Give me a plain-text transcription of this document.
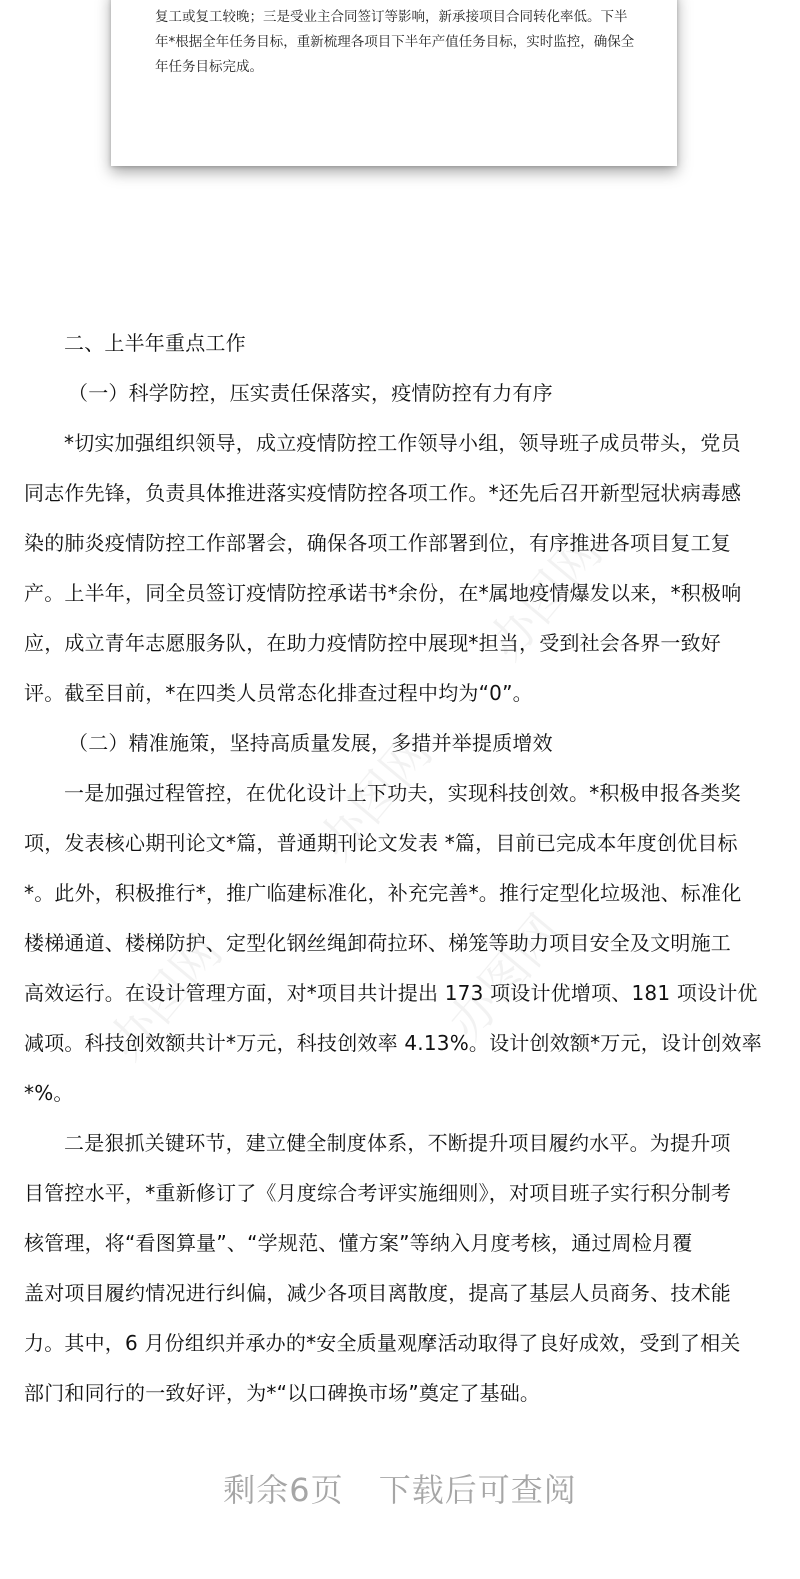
复工或复工较晚；三是受业主合同签订等影响，新承接项目合同转化率低。下半
年*根据全年任务目标，重新梳理各项目下半年产值任务目标，实时监控，确保全
年任务目标完成。
办图网
办图网
办图网
办图网
二、上半年重点工作
（一）科学防控，压实责任保落实，疫情防控有力有序
*切实加强组织领导，成立疫情防控工作领导小组，领导班子成员带头，党员
同志作先锋，负责具体推进落实疫情防控各项工作。*还先后召开新型冠状病毒感
染的肺炎疫情防控工作部署会，确保各项工作部署到位，有序推进各项目复工复
产。上半年，同全员签订疫情防控承诺书*余份，在*属地疫情爆发以来，*积极响
应，成立青年志愿服务队，在助力疫情防控中展现*担当，受到社会各界一致好
评。截至目前，*在四类人员常态化排查过程中均为“0”。
（二）精准施策，坚持高质量发展，多措并举提质增效
一是加强过程管控，在优化设计上下功夫，实现科技创效。*积极申报各类奖
项，发表核心期刊论文*篇，普通期刊论文发表 *篇，目前已完成本年度创优目标
*。此外，积极推行*，推广临建标准化，补充完善*。推行定型化垃圾池、标准化
楼梯通道、楼梯防护、定型化钢丝绳卸荷拉环、梯笼等助力项目安全及文明施工
高效运行。在设计管理方面，对*项目共计提出 173 项设计优增项、181 项设计优
减项。科技创效额共计*万元，科技创效率 4.13%。设计创效额*万元，设计创效率
*%。
二是狠抓关键环节，建立健全制度体系，不断提升项目履约水平。为提升项
目管控水平，*重新修订了《月度综合考评实施细则》，对项目班子实行积分制考
核管理，将“看图算量”、“学规范、懂方案”等纳入月度考核，通过周检月覆
盖对项目履约情况进行纠偏，减少各项目离散度，提高了基层人员商务、技术能
力。其中，6 月份组织并承办的*安全质量观摩活动取得了良好成效，受到了相关
部门和同行的一致好评，为*“以口碑换市场”奠定了基础。
剩余6页 下载后可查阅
